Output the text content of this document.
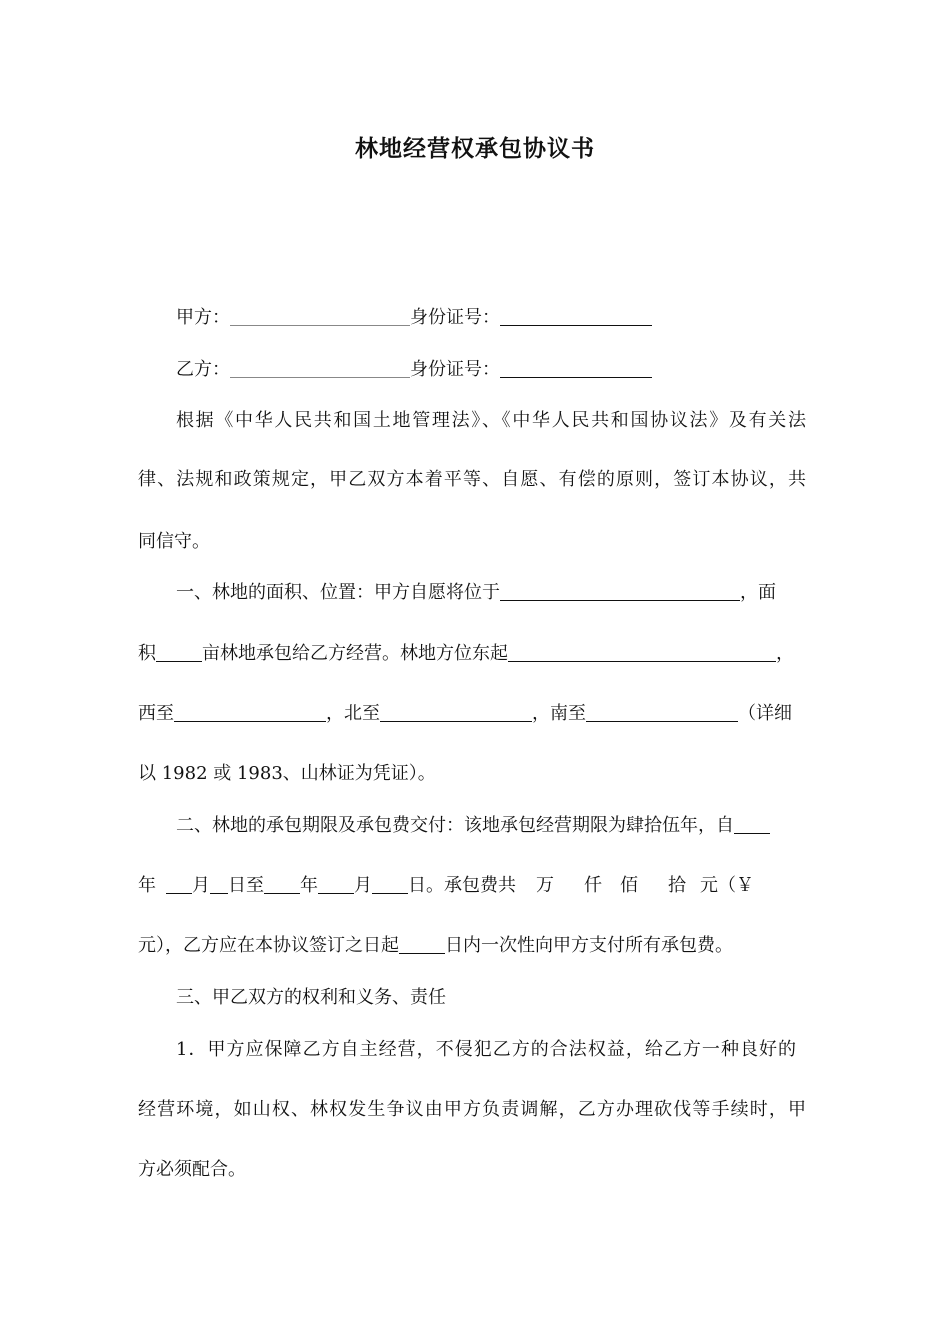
林地经营权承包协议书
甲方：	身份证号：
乙方：	身份证号：
根据《中华人民共和国土地管理法》、《中华人民共和国协议法》及有关法
律、法规和政策规定，甲乙双方本着平等、自愿、有偿的原则，签订本协议，共
同信守。
一、林地的面积、位置：甲方自愿将位于	，面
积	亩林地承包给乙方经营。林地方位东起	，
西至	，北至	，南至	（详细
以 1982 或 1983、山林证为凭证）。
二、林地的承包期限及承包费交付：该地承包经营期限为肆拾伍年，自
年 月 日至 年 月 日。承包费共 万 仟 佰 拾 元（￥
元），乙方应在本协议签订之日起	日内一次性向甲方支付所有承包费。
三、甲乙双方的权利和义务、责任
1．甲方应保障乙方自主经营，不侵犯乙方的合法权益，给乙方一种良好的
经营环境，如山权、林权发生争议由甲方负责调解，乙方办理砍伐等手续时，甲
方必须配合。
